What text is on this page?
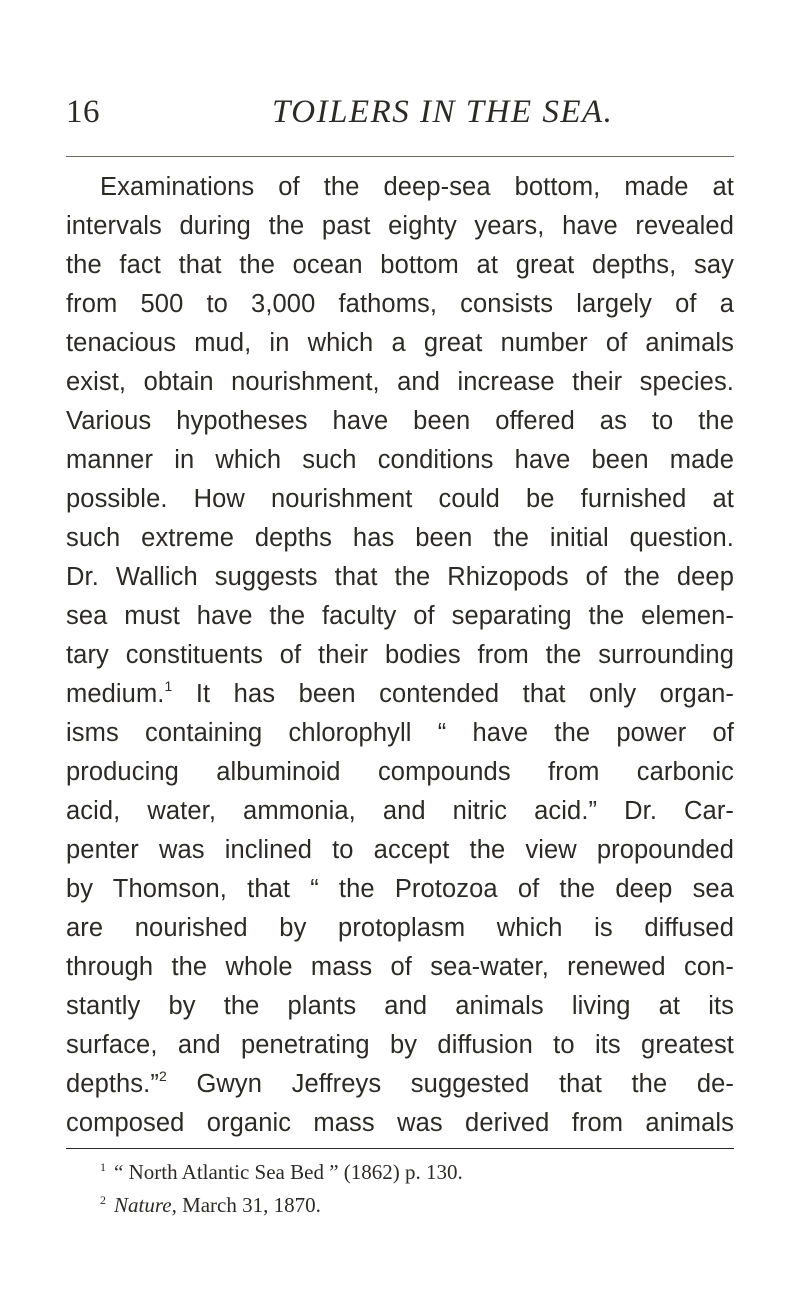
16	TOILERS IN THE SEA.
Examinations of the deep-sea bottom, made at
intervals during the past eighty years, have revealed
the fact that the ocean bottom at great depths, say
from 500 to 3,000 fathoms, consists largely of a
tenacious mud, in which a great number of animals
exist, obtain nourishment, and increase their species.
Various hypotheses have been offered as to the
manner in which such conditions have been made
possible. How nourishment could be furnished at
such extreme depths has been the initial question.
Dr. Wallich suggests that the Rhizopods of the deep
sea must have the faculty of separating the elemen-
tary constituents of their bodies from the surrounding
medium.$^1$ It has been contended that only organ-
isms containing chlorophyll “ have the power of
producing albuminoid compounds from carbonic
acid, water, ammonia, and nitric acid.” Dr. Car-
penter was inclined to accept the view propounded
by Thomson, that “ the Protozoa of the deep sea
are nourished by protoplasm which is diffused
through the whole mass of sea-water, renewed con-
stantly by the plants and animals living at its
surface, and penetrating by diffusion to its greatest
depths.”$^2$ Gwyn Jeffreys suggested that the de-
composed organic mass was derived from animals
$^1$ “ North Atlantic Sea Bed ” (1862) p. 130.
$^2$ Nature, March 31, 1870.
